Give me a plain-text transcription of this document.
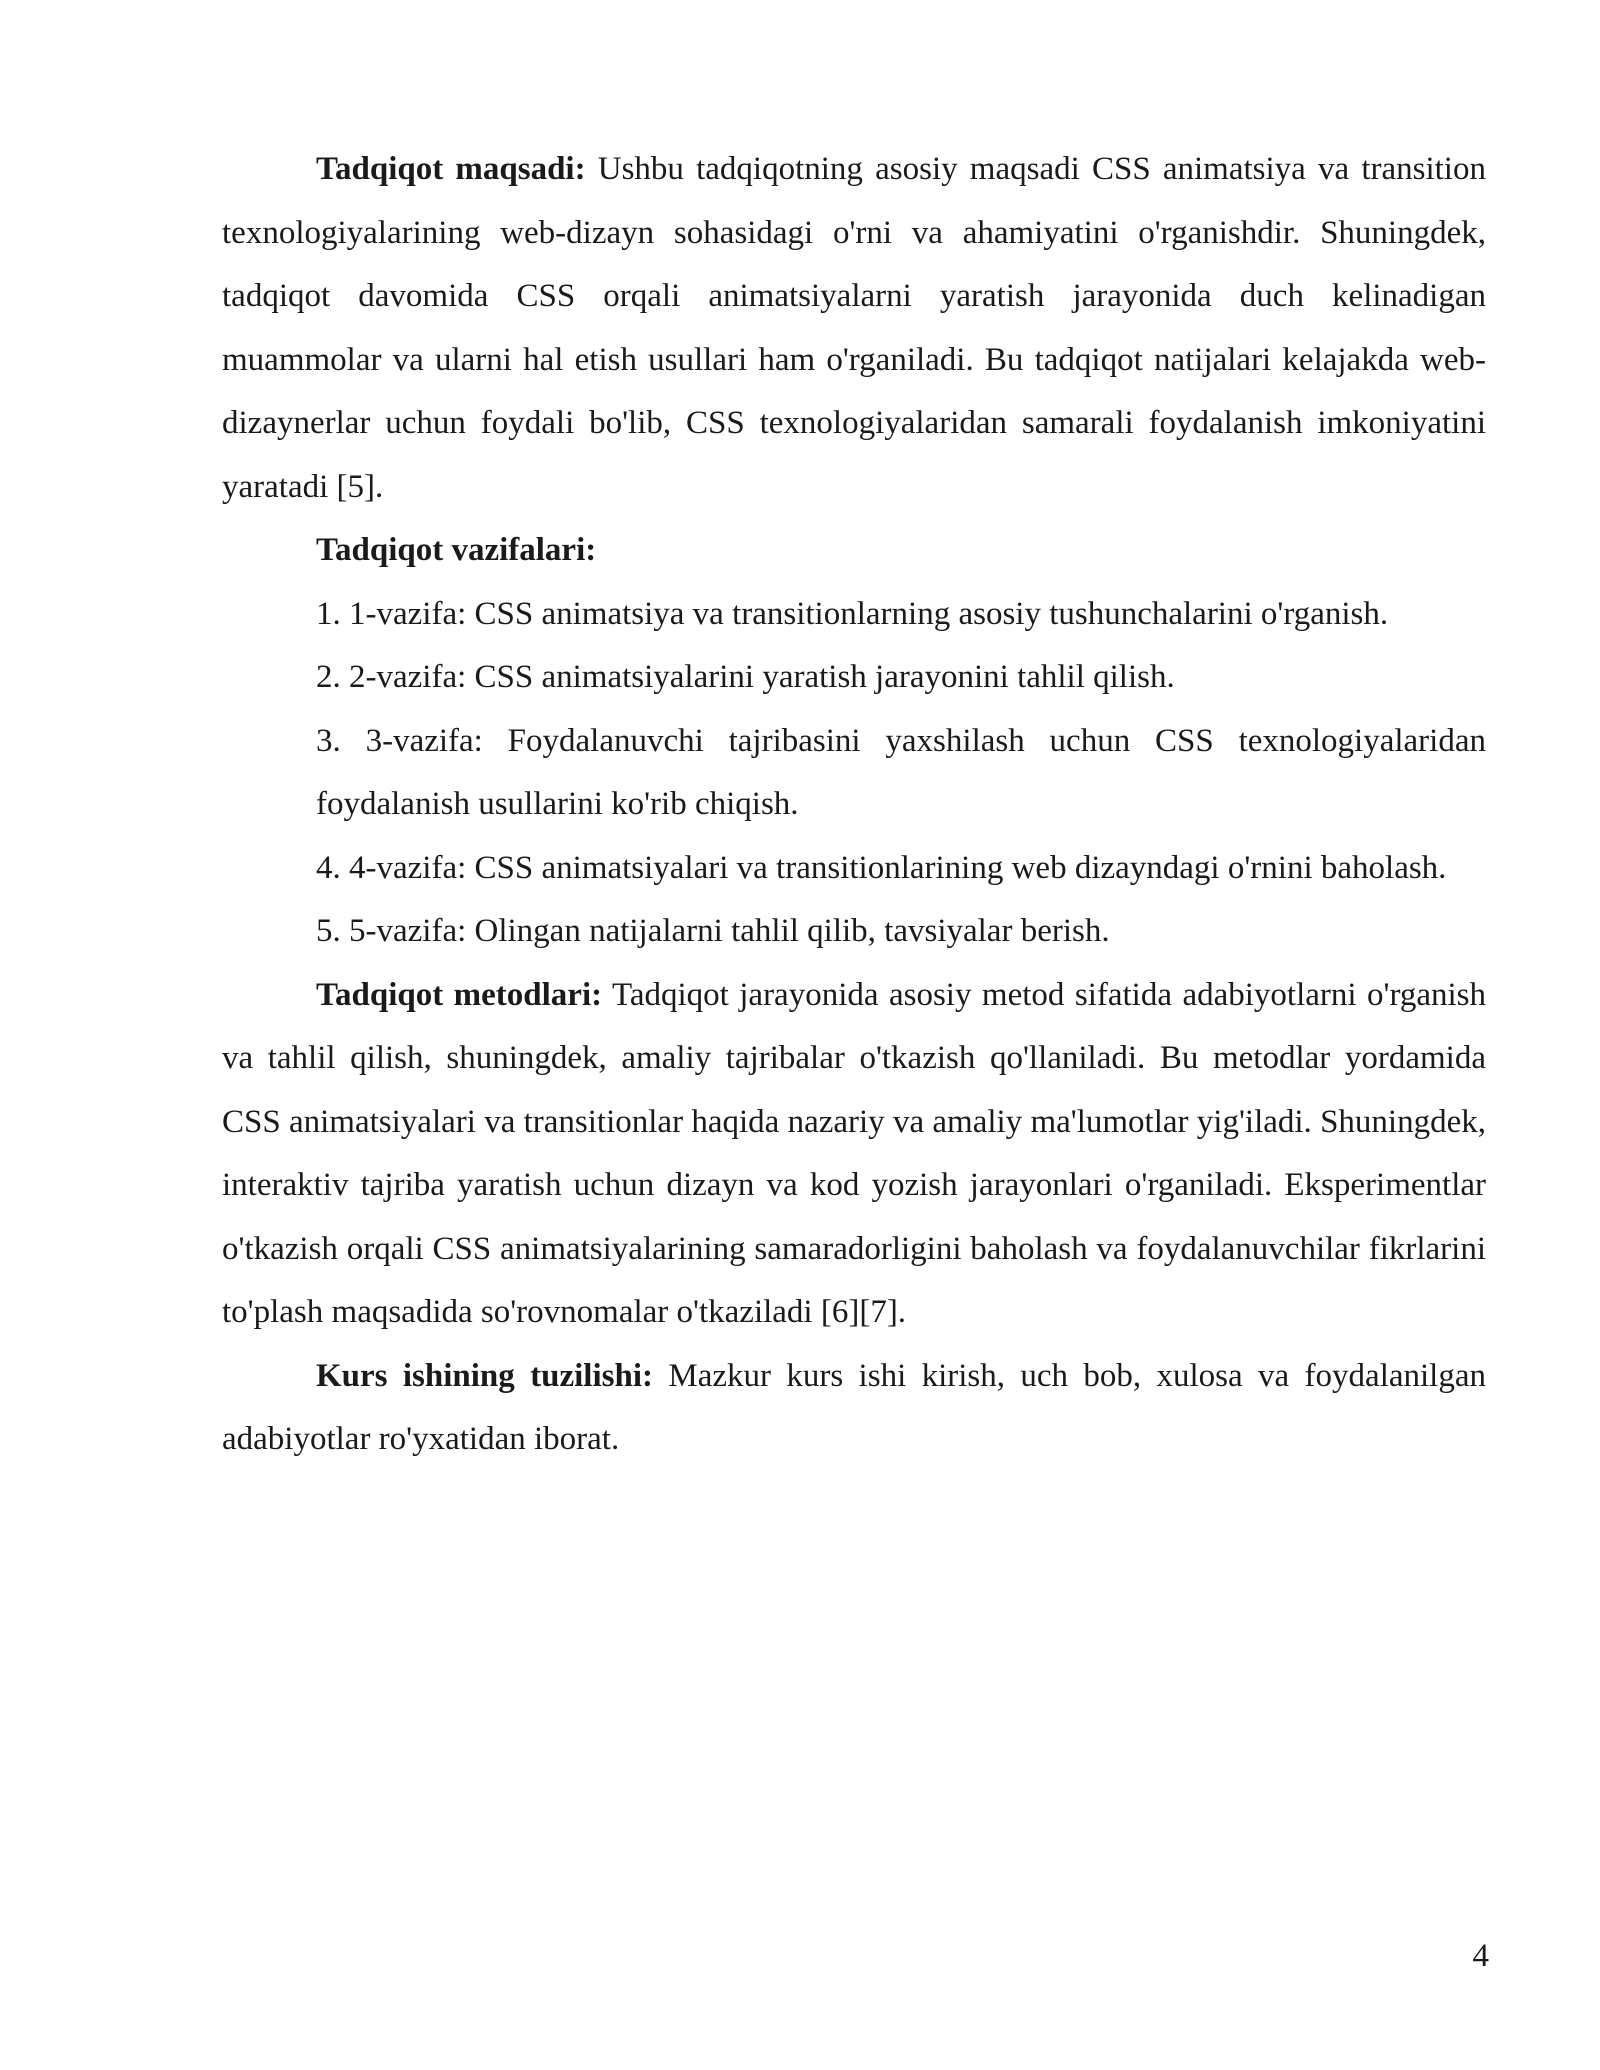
Tadqiqot maqsadi: Ushbu tadqiqotning asosiy maqsadi CSS animatsiya va transition texnologiyalarining web-dizayn sohasidagi o'rni va ahamiyatini o'rganishdir. Shuningdek, tadqiqot davomida CSS orqali animatsiyalarni yaratish jarayonida duch kelinadigan muammolar va ularni hal etish usullari ham o'rganiladi. Bu tadqiqot natijalari kelajakda web-dizaynerlar uchun foydali bo'lib, CSS texnologiyalaridan samarali foydalanish imkoniyatini yaratadi [5].

Tadqiqot vazifalari:

1. 1-vazifa: CSS animatsiya va transitionlarning asosiy tushunchalarini o'rganish.

2. 2-vazifa: CSS animatsiyalarini yaratish jarayonini tahlil qilish.

3. 3-vazifa: Foydalanuvchi tajribasini yaxshilash uchun CSS texnologiyalaridan foydalanish usullarini ko'rib chiqish.

4. 4-vazifa: CSS animatsiyalari va transitionlarining web dizayndagi o'rnini baholash.

5. 5-vazifa: Olingan natijalarni tahlil qilib, tavsiyalar berish.

Tadqiqot metodlari: Tadqiqot jarayonida asosiy metod sifatida adabiyotlarni o'rganish va tahlil qilish, shuningdek, amaliy tajribalar o'tkazish qo'llaniladi. Bu metodlar yordamida CSS animatsiyalari va transitionlar haqida nazariy va amaliy ma'lumotlar yig'iladi. Shuningdek, interaktiv tajriba yaratish uchun dizayn va kod yozish jarayonlari o'rganiladi. Eksperimentlar o'tkazish orqali CSS animatsiyalarining samaradorligini baholash va foydalanuvchilar fikrlarini to'plash maqsadida so'rovnomalar o'tkaziladi [6][7].

Kurs ishining tuzilishi: Mazkur kurs ishi kirish, uch bob, xulosa va foydalanilgan adabiyotlar ro'yxatidan iborat.

4
